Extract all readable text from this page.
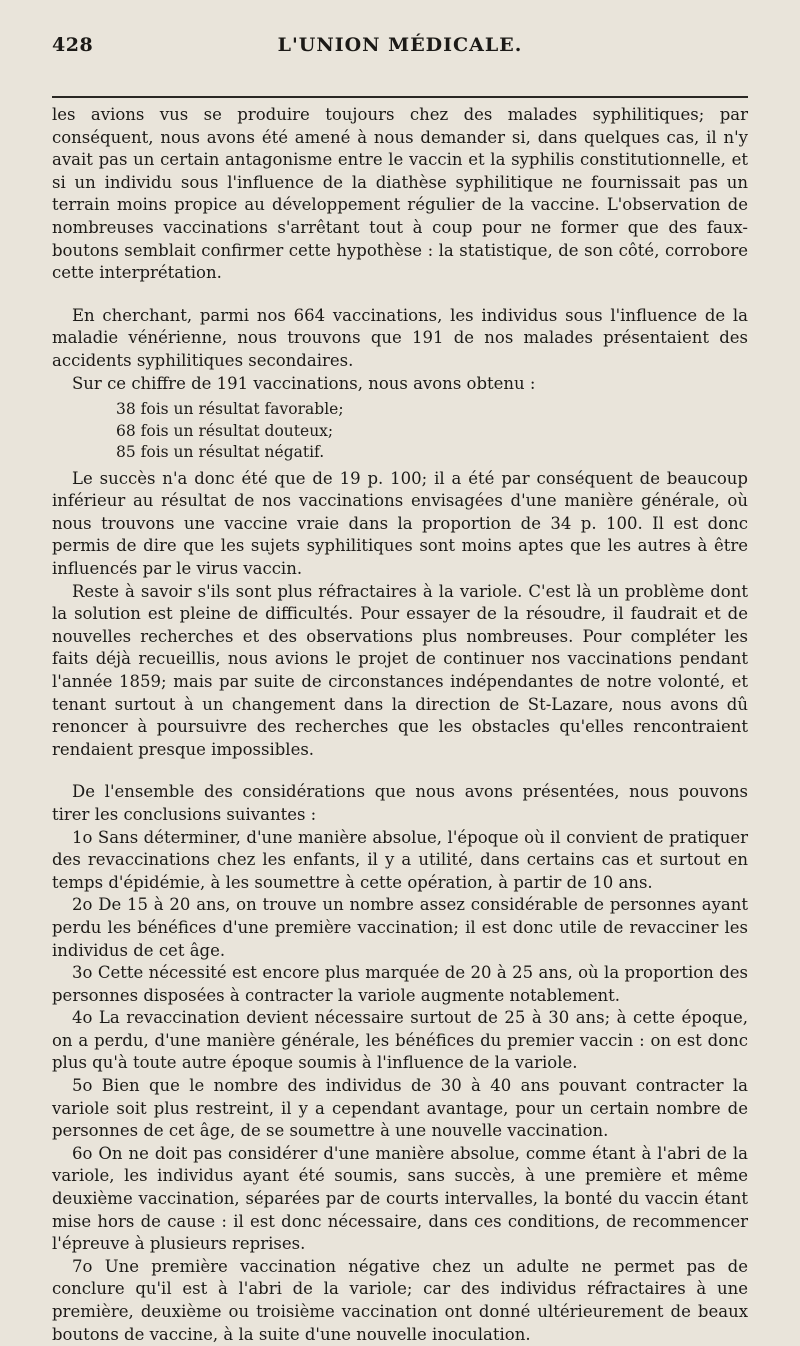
428	L'UNION MÉDICALE.

les avions vus se produire toujours chez des malades syphilitiques; par conséquent, nous avons été amené à nous demander si, dans quelques cas, il n'y avait pas un certain antagonisme entre le vaccin et la syphilis constitutionnelle, et si un individu sous l'influence de la diathèse syphilitique ne fournissait pas un terrain moins propice au développement régulier de la vaccine. L'observation de nombreuses vaccinations s'arrêtant tout à coup pour ne former que des faux-boutons semblait confirmer cette hypothèse : la statistique, de son côté, corrobore cette interprétation.

En cherchant, parmi nos 664 vaccinations, les individus sous l'influence de la maladie vénérienne, nous trouvons que 191 de nos malades présentaient des accidents syphilitiques secondaires.

Sur ce chiffre de 191 vaccinations, nous avons obtenu :

38 fois un résultat favorable;
68 fois un résultat douteux;
85 fois un résultat négatif.

Le succès n'a donc été que de 19 p. 100; il a été par conséquent de beaucoup inférieur au résultat de nos vaccinations envisagées d'une manière générale, où nous trouvons une vaccine vraie dans la proportion de 34 p. 100. Il est donc permis de dire que les sujets syphilitiques sont moins aptes que les autres à être influencés par le virus vaccin.

Reste à savoir s'ils sont plus réfractaires à la variole. C'est là un problème dont la solution est pleine de difficultés. Pour essayer de la résoudre, il faudrait et de nouvelles recherches et des observations plus nombreuses. Pour compléter les faits déjà recueillis, nous avions le projet de continuer nos vaccinations pendant l'année 1859; mais par suite de circonstances indépendantes de notre volonté, et tenant surtout à un changement dans la direction de St-Lazare, nous avons dû renoncer à poursuivre des recherches que les obstacles qu'elles rencontraient rendaient presque impossibles.

De l'ensemble des considérations que nous avons présentées, nous pouvons tirer les conclusions suivantes :

1o Sans déterminer, d'une manière absolue, l'époque où il convient de pratiquer des revaccinations chez les enfants, il y a utilité, dans certains cas et surtout en temps d'épidémie, à les soumettre à cette opération, à partir de 10 ans.

2o De 15 à 20 ans, on trouve un nombre assez considérable de personnes ayant perdu les bénéfices d'une première vaccination; il est donc utile de revacciner les individus de cet âge.

3o Cette nécessité est encore plus marquée de 20 à 25 ans, où la proportion des personnes disposées à contracter la variole augmente notablement.

4o La revaccination devient nécessaire surtout de 25 à 30 ans; à cette époque, on a perdu, d'une manière générale, les bénéfices du premier vaccin : on est donc plus qu'à toute autre époque soumis à l'influence de la variole.

5o Bien que le nombre des individus de 30 à 40 ans pouvant contracter la variole soit plus restreint, il y a cependant avantage, pour un certain nombre de personnes de cet âge, de se soumettre à une nouvelle vaccination.

6o On ne doit pas considérer d'une manière absolue, comme étant à l'abri de la variole, les individus ayant été soumis, sans succès, à une première et même deuxième vaccination, séparées par de courts intervalles, la bonté du vaccin étant mise hors de cause : il est donc nécessaire, dans ces conditions, de recommencer l'épreuve à plusieurs reprises.

7o Une première vaccination négative chez un adulte ne permet pas de conclure qu'il est à l'abri de la variole; car des individus réfractaires à une première, deuxième ou troisième vaccination ont donné ultérieurement de beaux boutons de vaccine, à la suite d'une nouvelle inoculation.
